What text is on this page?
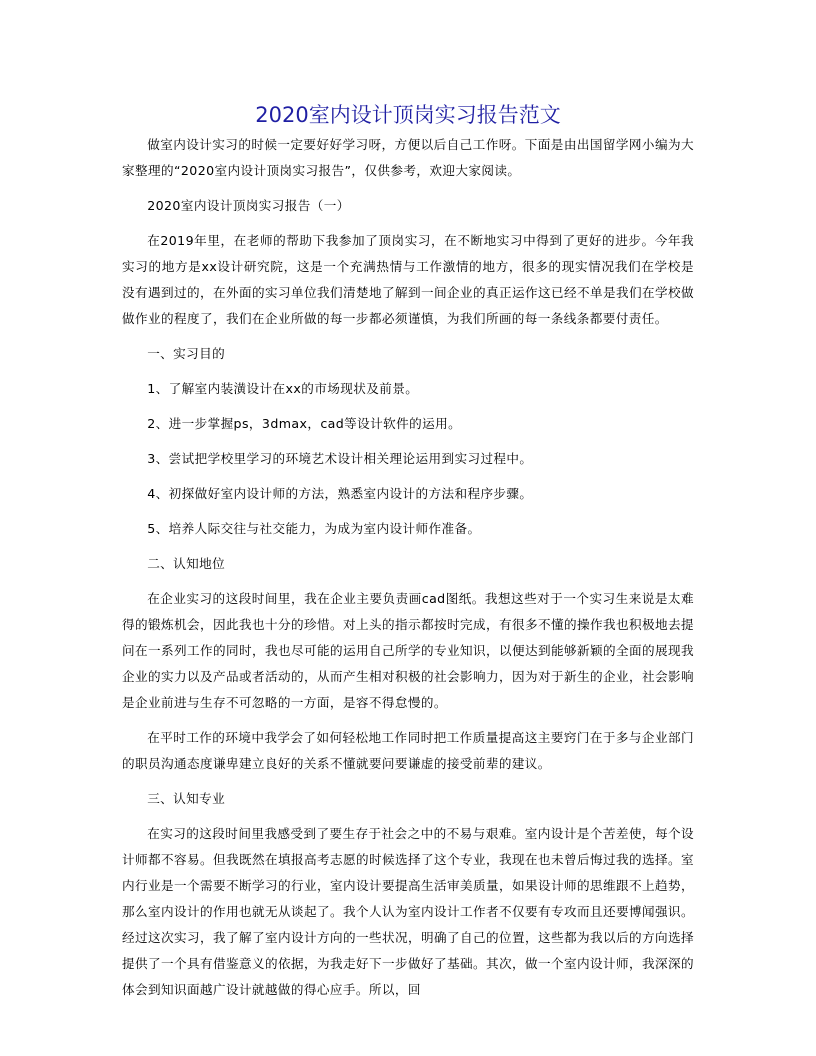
2020室内设计顶岗实习报告范文

做室内设计实习的时候一定要好好学习呀，方便以后自己工作呀。下面是由出国留学网小编为大家整理的“2020室内设计顶岗实习报告”，仅供参考，欢迎大家阅读。

2020室内设计顶岗实习报告（一）

在2019年里，在老师的帮助下我参加了顶岗实习，在不断地实习中得到了更好的进步。今年我实习的地方是xx设计研究院，这是一个充满热情与工作激情的地方，很多的现实情况我们在学校是没有遇到过的，在外面的实习单位我们清楚地了解到一间企业的真正运作这已经不单是我们在学校做做作业的程度了，我们在企业所做的每一步都必须谨慎，为我们所画的每一条线条都要付责任。

一、实习目的

1、了解室内装潢设计在xx的市场现状及前景。

2、进一步掌握ps，3dmax，cad等设计软件的运用。

3、尝试把学校里学习的环境艺术设计相关理论运用到实习过程中。

4、初探做好室内设计师的方法，熟悉室内设计的方法和程序步骤。

5、培养人际交往与社交能力，为成为室内设计师作准备。

二、认知地位

在企业实习的这段时间里，我在企业主要负责画cad图纸。我想这些对于一个实习生来说是太难得的锻炼机会，因此我也十分的珍惜。对上头的指示都按时完成，有很多不懂的操作我也积极地去提问在一系列工作的同时，我也尽可能的运用自己所学的专业知识，以便达到能够新颖的全面的展现我企业的实力以及产品或者活动的，从而产生相对积极的社会影响力，因为对于新生的企业，社会影响是企业前进与生存不可忽略的一方面，是容不得怠慢的。

在平时工作的环境中我学会了如何轻松地工作同时把工作质量提高这主要窍门在于多与企业部门的职员沟通态度谦卑建立良好的关系不懂就要问要谦虚的接受前辈的建议。

三、认知专业

在实习的这段时间里我感受到了要生存于社会之中的不易与艰难。室内设计是个苦差使，每个设计师都不容易。但我既然在填报高考志愿的时候选择了这个专业，我现在也未曾后悔过我的选择。室内行业是一个需要不断学习的行业，室内设计要提高生活审美质量，如果设计师的思维跟不上趋势，那么室内设计的作用也就无从谈起了。我个人认为室内设计工作者不仅要有专攻而且还要博闻强识。经过这次实习，我了解了室内设计方向的一些状况，明确了自己的位置，这些都为我以后的方向选择提供了一个具有借鉴意义的依据，为我走好下一步做好了基础。其次，做一个室内设计师，我深深的体会到知识面越广设计就越做的得心应手。所以，回
